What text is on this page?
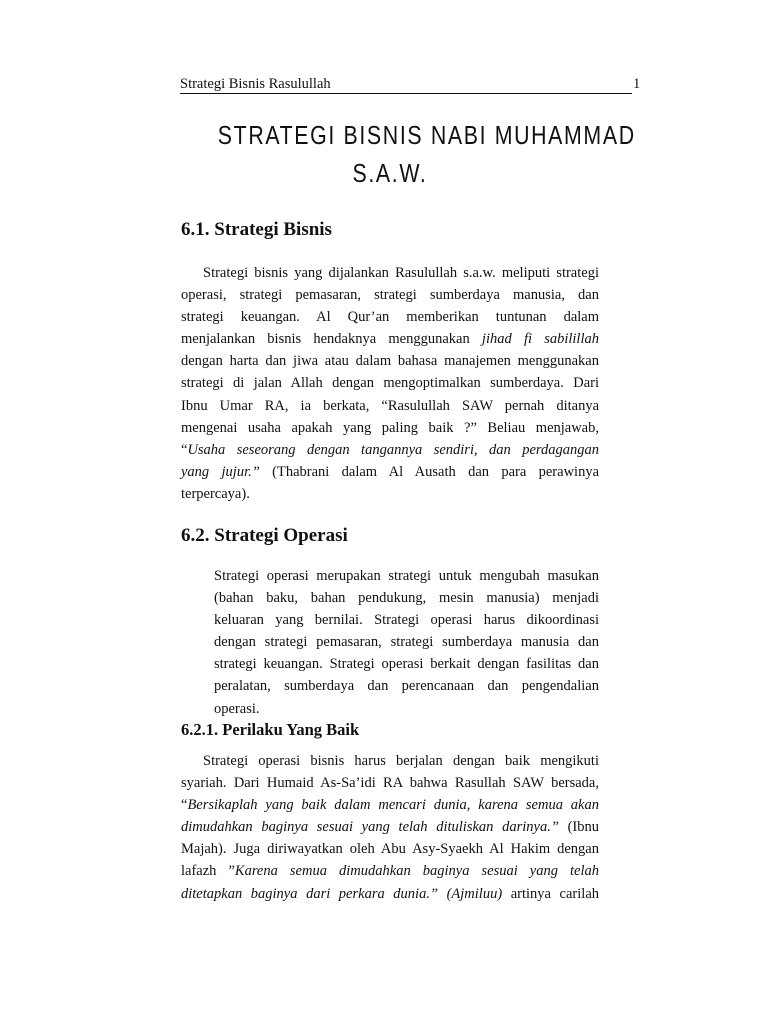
Strategi Bisnis Rasulullah	1
STRATEGI BISNIS NABI MUHAMMAD
S.A.W.
6.1. Strategi Bisnis
Strategi bisnis yang dijalankan Rasulullah s.a.w. meliputi strategi
operasi, strategi pemasaran, strategi sumberdaya manusia, dan
strategi keuangan. Al Qur’an memberikan tuntunan dalam
menjalankan bisnis hendaknya menggunakan jihad fi sabilillah
dengan harta dan jiwa atau dalam bahasa manajemen menggunakan
strategi di jalan Allah dengan mengoptimalkan sumberdaya. Dari
Ibnu Umar RA, ia berkata, “Rasulullah SAW pernah ditanya
mengenai usaha apakah yang paling baik ?” Beliau menjawab,
“Usaha seseorang dengan tangannya sendiri, dan perdagangan
yang jujur.” (Thabrani dalam Al Ausath dan para perawinya
terpercaya).
6.2. Strategi Operasi
Strategi operasi merupakan strategi untuk mengubah masukan
(bahan baku, bahan pendukung, mesin manusia) menjadi
keluaran yang bernilai. Strategi operasi harus dikoordinasi
dengan strategi pemasaran, strategi sumberdaya manusia dan
strategi keuangan. Strategi operasi berkait dengan fasilitas dan
peralatan, sumberdaya dan perencanaan dan pengendalian
operasi.
6.2.1. Perilaku Yang Baik
Strategi operasi bisnis harus berjalan dengan baik mengikuti
syariah. Dari Humaid As-Sa’idi RA bahwa Rasullah SAW bersada,
“Bersikaplah yang baik dalam mencari dunia, karena semua akan
dimudahkan baginya sesuai yang telah dituliskan darinya.” (Ibnu
Majah). Juga diriwayatkan oleh Abu Asy-Syaekh Al Hakim dengan
lafazh ”Karena semua dimudahkan baginya sesuai yang telah
ditetapkan baginya dari perkara dunia.” (Ajmiluu) artinya carilah
